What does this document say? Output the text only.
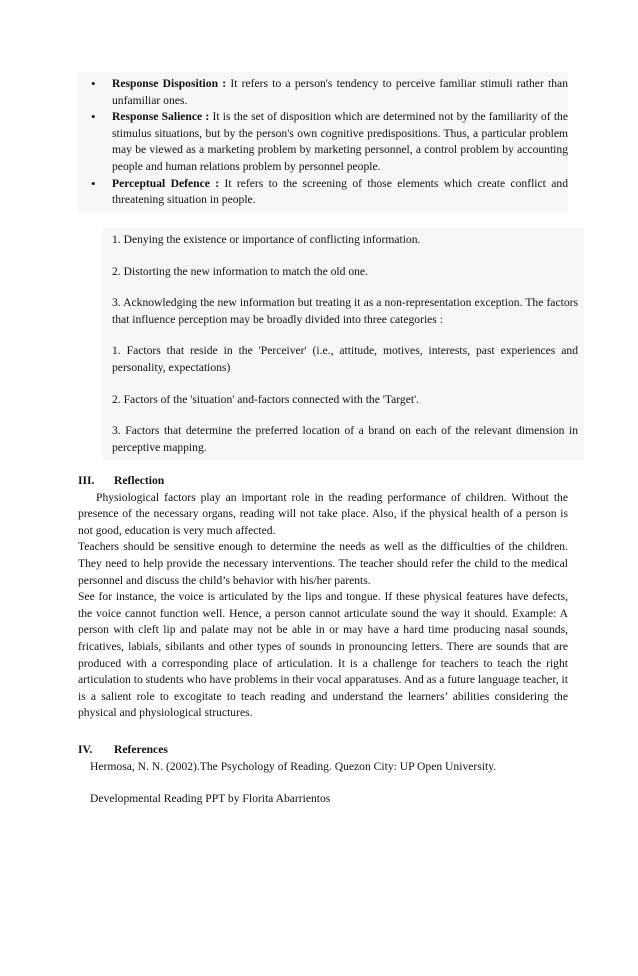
• Response Disposition : It refers to a person's tendency to perceive familiar stimuli rather than unfamiliar ones.
• Response Salience : It is the set of disposition which are determined not by the familiarity of the stimulus situations, but by the person's own cognitive predispositions. Thus, a particular problem may be viewed as a marketing problem by marketing personnel, a control problem by accounting people and human relations problem by personnel people.
• Perceptual Defence : It refers to the screening of those elements which create conflict and threatening situation in people.

1. Denying the existence or importance of conflicting information.

2. Distorting the new information to match the old one.

3. Acknowledging the new information but treating it as a non-representation exception. The factors that influence perception may be broadly divided into three categories :

1. Factors that reside in the 'Perceiver' (i.e., attitude, motives, interests, past experiences and personality, expectations)

2. Factors of the 'situation' and-factors connected with the 'Target'.

3. Factors that determine the preferred location of a brand on each of the relevant dimension in perceptive mapping.

III. Reflection

Physiological factors play an important role in the reading performance of children. Without the presence of the necessary organs, reading will not take place. Also, if the physical health of a person is not good, education is very much affected.

Teachers should be sensitive enough to determine the needs as well as the difficulties of the children. They need to help provide the necessary interventions. The teacher should refer the child to the medical personnel and discuss the child’s behavior with his/her parents.

See for instance, the voice is articulated by the lips and tongue. If these physical features have defects, the voice cannot function well. Hence, a person cannot articulate sound the way it should. Example: A person with cleft lip and palate may not be able in or may have a hard time producing nasal sounds, fricatives, labials, sibilants and other types of sounds in pronouncing letters. There are sounds that are produced with a corresponding place of articulation. It is a challenge for teachers to teach the right articulation to students who have problems in their vocal apparatuses. And as a future language teacher, it is a salient role to excogitate to teach reading and understand the learners’ abilities considering the physical and physiological structures.

IV. References

Hermosa, N. N. (2002).The Psychology of Reading. Quezon City: UP Open University.

Developmental Reading PPT by Florita Abarrientos
